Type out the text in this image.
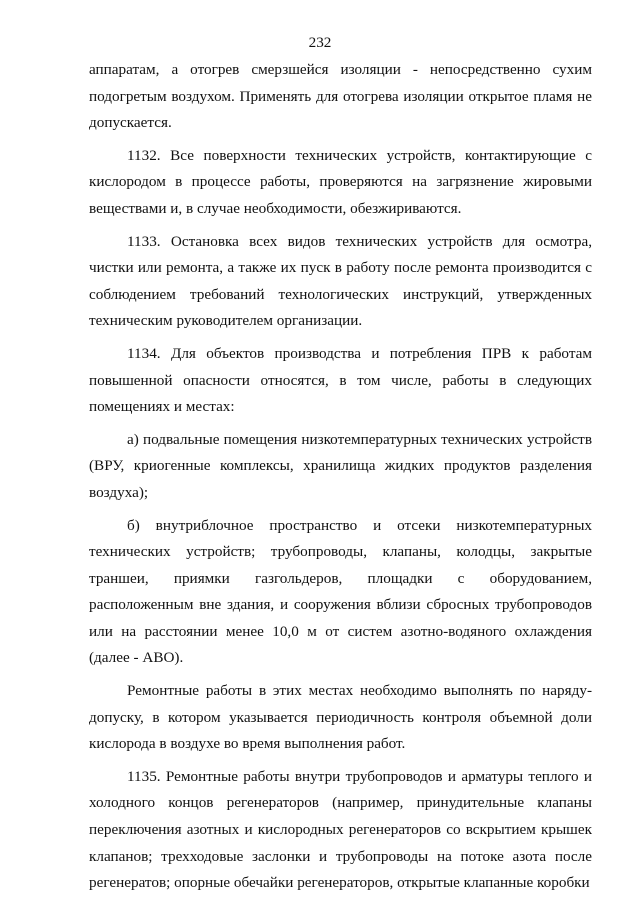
232

аппаратам, а отогрев смерзшейся изоляции - непосредственно сухим подогретым воздухом. Применять для отогрева изоляции открытое пламя не допускается.

1132. Все поверхности технических устройств, контактирующие с кислородом в процессе работы, проверяются на загрязнение жировыми веществами и, в случае необходимости, обезжириваются.

1133. Остановка всех видов технических устройств для осмотра, чистки или ремонта, а также их пуск в работу после ремонта производится с соблюдением требований технологических инструкций, утвержденных техническим руководителем организации.

1134. Для объектов производства и потребления ПРВ к работам повышенной опасности относятся, в том числе, работы в следующих помещениях и местах:

а) подвальные помещения низкотемпературных технических устройств (ВРУ, криогенные комплексы, хранилища жидких продуктов разделения воздуха);

б) внутриблочное пространство и отсеки низкотемпературных технических устройств; трубопроводы, клапаны, колодцы, закрытые траншеи, приямки газгольдеров, площадки с оборудованием, расположенным вне здания, и сооружения вблизи сбросных трубопроводов или на расстоянии менее 10,0 м от систем азотно-водяного охлаждения (далее - АВО).

Ремонтные работы в этих местах необходимо выполнять по наряду-допуску, в котором указывается периодичность контроля объемной доли кислорода в воздухе во время выполнения работ.

1135. Ремонтные работы внутри трубопроводов и арматуры теплого и холодного концов регенераторов (например, принудительные клапаны переключения азотных и кислородных регенераторов со вскрытием крышек клапанов; трехходовые заслонки и трубопроводы на потоке азота после регенератов; опорные обечайки регенераторов, открытые клапанные коробки
